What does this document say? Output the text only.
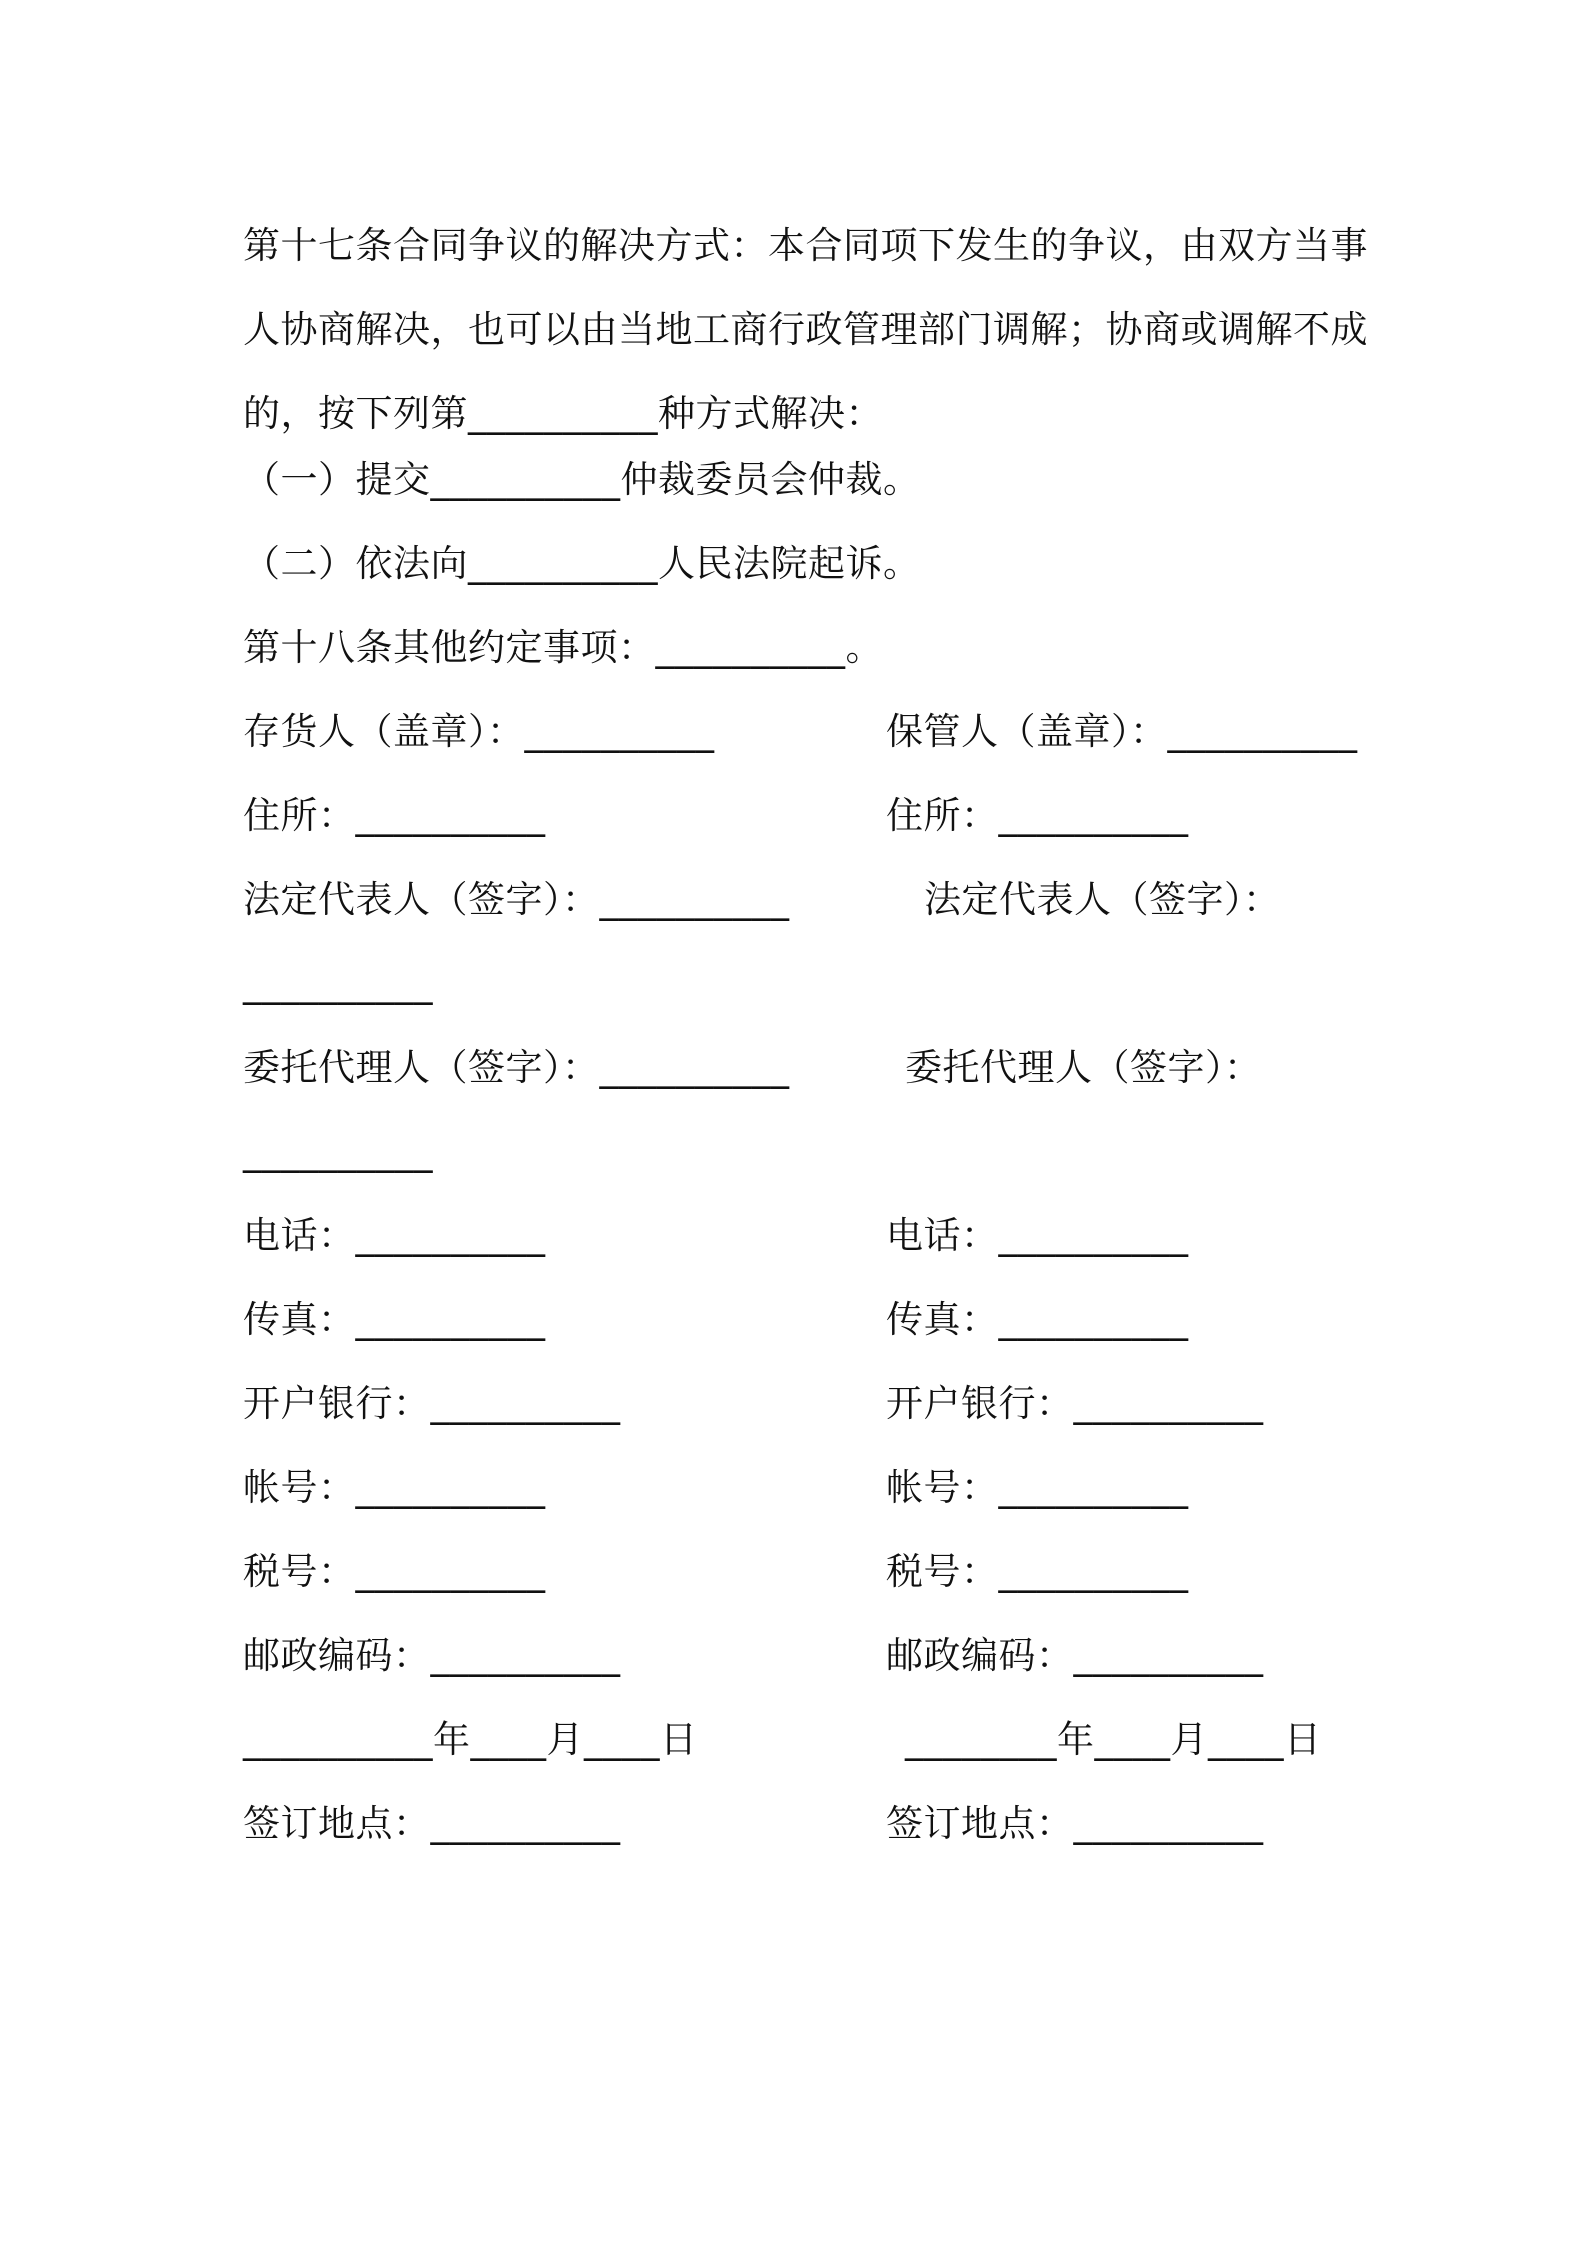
第十七条合同争议的解决方式：本合同项下发生的争议，由双方当事
人协商解决，也可以由当地工商行政管理部门调解；协商或调解不成
的，按下列第__________种方式解决：
（一）提交__________仲裁委员会仲裁。
（二）依法向__________人民法院起诉。
第十八条其他约定事项：__________。
存货人（盖章）：__________
住所：__________
法定代表人（签字）：__________
__________
委托代理人（签字）：__________
__________
电话：__________
传真：__________
开户银行：__________
帐号：__________
税号：__________
邮政编码：__________
__________年____月____日
签订地点：__________
保管人（盖章）：__________
住所：__________
法定代表人（签字）：
委托代理人（签字）：
电话：__________
传真：__________
开户银行：__________
帐号：__________
税号：__________
邮政编码：__________
________年____月____日
签订地点：__________
